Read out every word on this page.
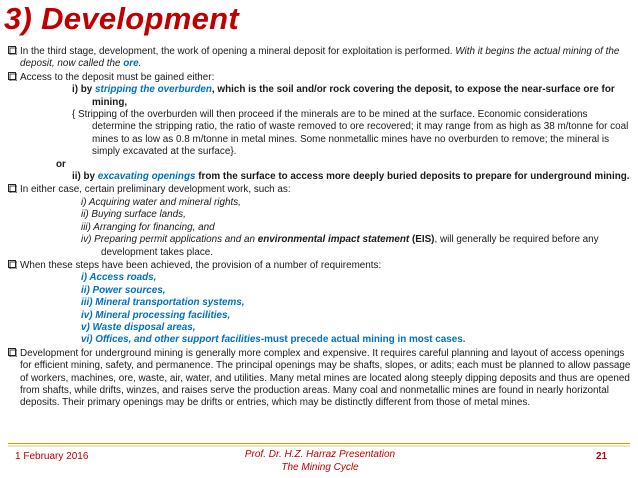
3) Development

In the third stage, development, the work of opening a mineral deposit for exploitation is performed. With it begins the actual mining of the deposit, now called the ore.

Access to the deposit must be gained either:

i) by stripping the overburden, which is the soil and/or rock covering the deposit, to expose the near-surface ore for mining,

{ Stripping of the overburden will then proceed if the minerals are to be mined at the surface. Economic considerations determine the stripping ratio, the ratio of waste removed to ore recovered; it may range from as high as 38 m/tonne for coal mines to as low as 0.8 m/tonne in metal mines. Some nonmetallic mines have no overburden to remove; the mineral is simply excavated at the surface}.

or

ii) by excavating openings from the surface to access more deeply buried deposits to prepare for underground mining.

In either case, certain preliminary development work, such as:

i) Acquiring water and mineral rights,

ii) Buying surface lands,

iii) Arranging for financing, and

iv) Preparing permit applications and an environmental impact statement (EIS), will generally be required before any development takes place.

When these steps have been achieved, the provision of a number of requirements:

i) Access roads,

ii) Power sources,

iii) Mineral transportation systems,

iv) Mineral processing facilities,

v) Waste disposal areas,

vi) Offices, and other support facilities-must precede actual mining in most cases.

Development for underground mining is generally more complex and expensive. It requires careful planning and layout of access openings for efficient mining, safety, and permanence. The principal openings may be shafts, slopes, or adits; each must be planned to allow passage of workers, machines, ore, waste, air, water, and utilities. Many metal mines are located along steeply dipping deposits and thus are opened from shafts, while drifts, winzes, and raises serve the production areas. Many coal and nonmetallic mines are found in nearly horizontal deposits. Their primary openings may be drifts or entries, which may be distinctly different from those of metal mines.

1 February 2016	Prof. Dr. H.Z. Harraz Presentation
The Mining Cycle
21
